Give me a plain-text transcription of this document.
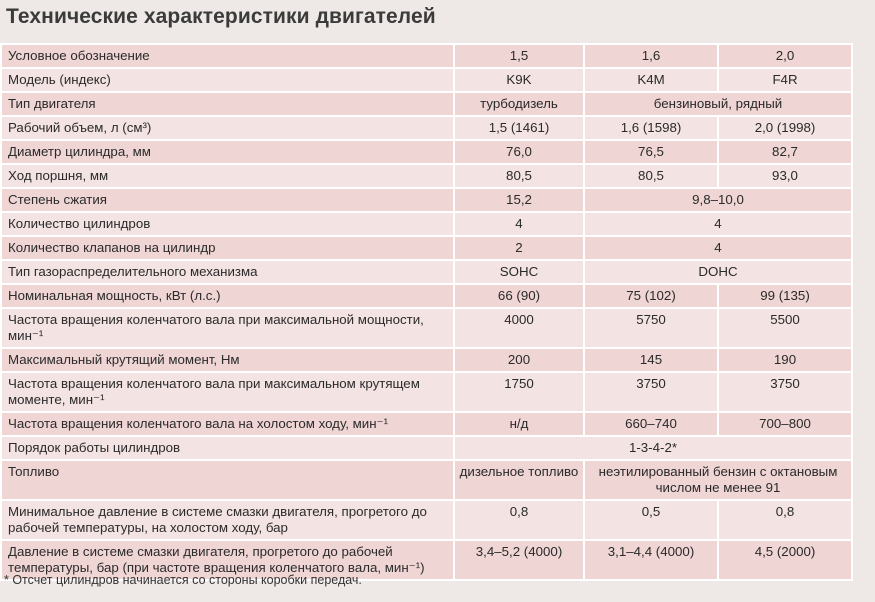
Технические характеристики двигателей
Условное обозначение	1,5	1,6	2,0
Модель (индекс)	K9K	K4M	F4R
Тип двигателя	турбодизель	бензиновый, рядный	
Рабочий объем, л (см³)	1,5 (1461)	1,6 (1598)	2,0 (1998)
Диаметр цилиндра, мм	76,0	76,5	82,7
Ход поршня, мм	80,5	80,5	93,0
Степень сжатия	15,2	9,8–10,0	
Количество цилиндров	4	4	
Количество клапанов на цилиндр	2	4	
Тип газораспределительного механизма	SOHC	DOHC	
Номинальная мощность, кВт (л.с.)	66 (90)	75 (102)	99 (135)
Частота вращения коленчатого вала при максимальной мощности, мин⁻¹	4000	5750	5500
Максимальный крутящий момент, Нм	200	145	190
Частота вращения коленчатого вала при максимальном крутящем моменте, мин⁻¹	1750	3750	3750
Частота вращения коленчатого вала на холостом ходу, мин⁻¹	н/д	660–740	700–800
Порядок работы цилиндров	1-3-4-2*		
Топливо	дизельное топливо	неэтилированный бензин с октановым числом не менее 91	
Минимальное давление в системе смазки двигателя, прогретого до рабочей температуры, на холостом ходу, бар	0,8	0,5	0,8
Давление в системе смазки двигателя, прогретого до рабочей температуры, бар (при частоте вращения коленчатого вала, мин⁻¹)	3,4–5,2 (4000)	3,1–4,4 (4000)	4,5 (2000)
* Отсчет цилиндров начинается со стороны коробки передач.
